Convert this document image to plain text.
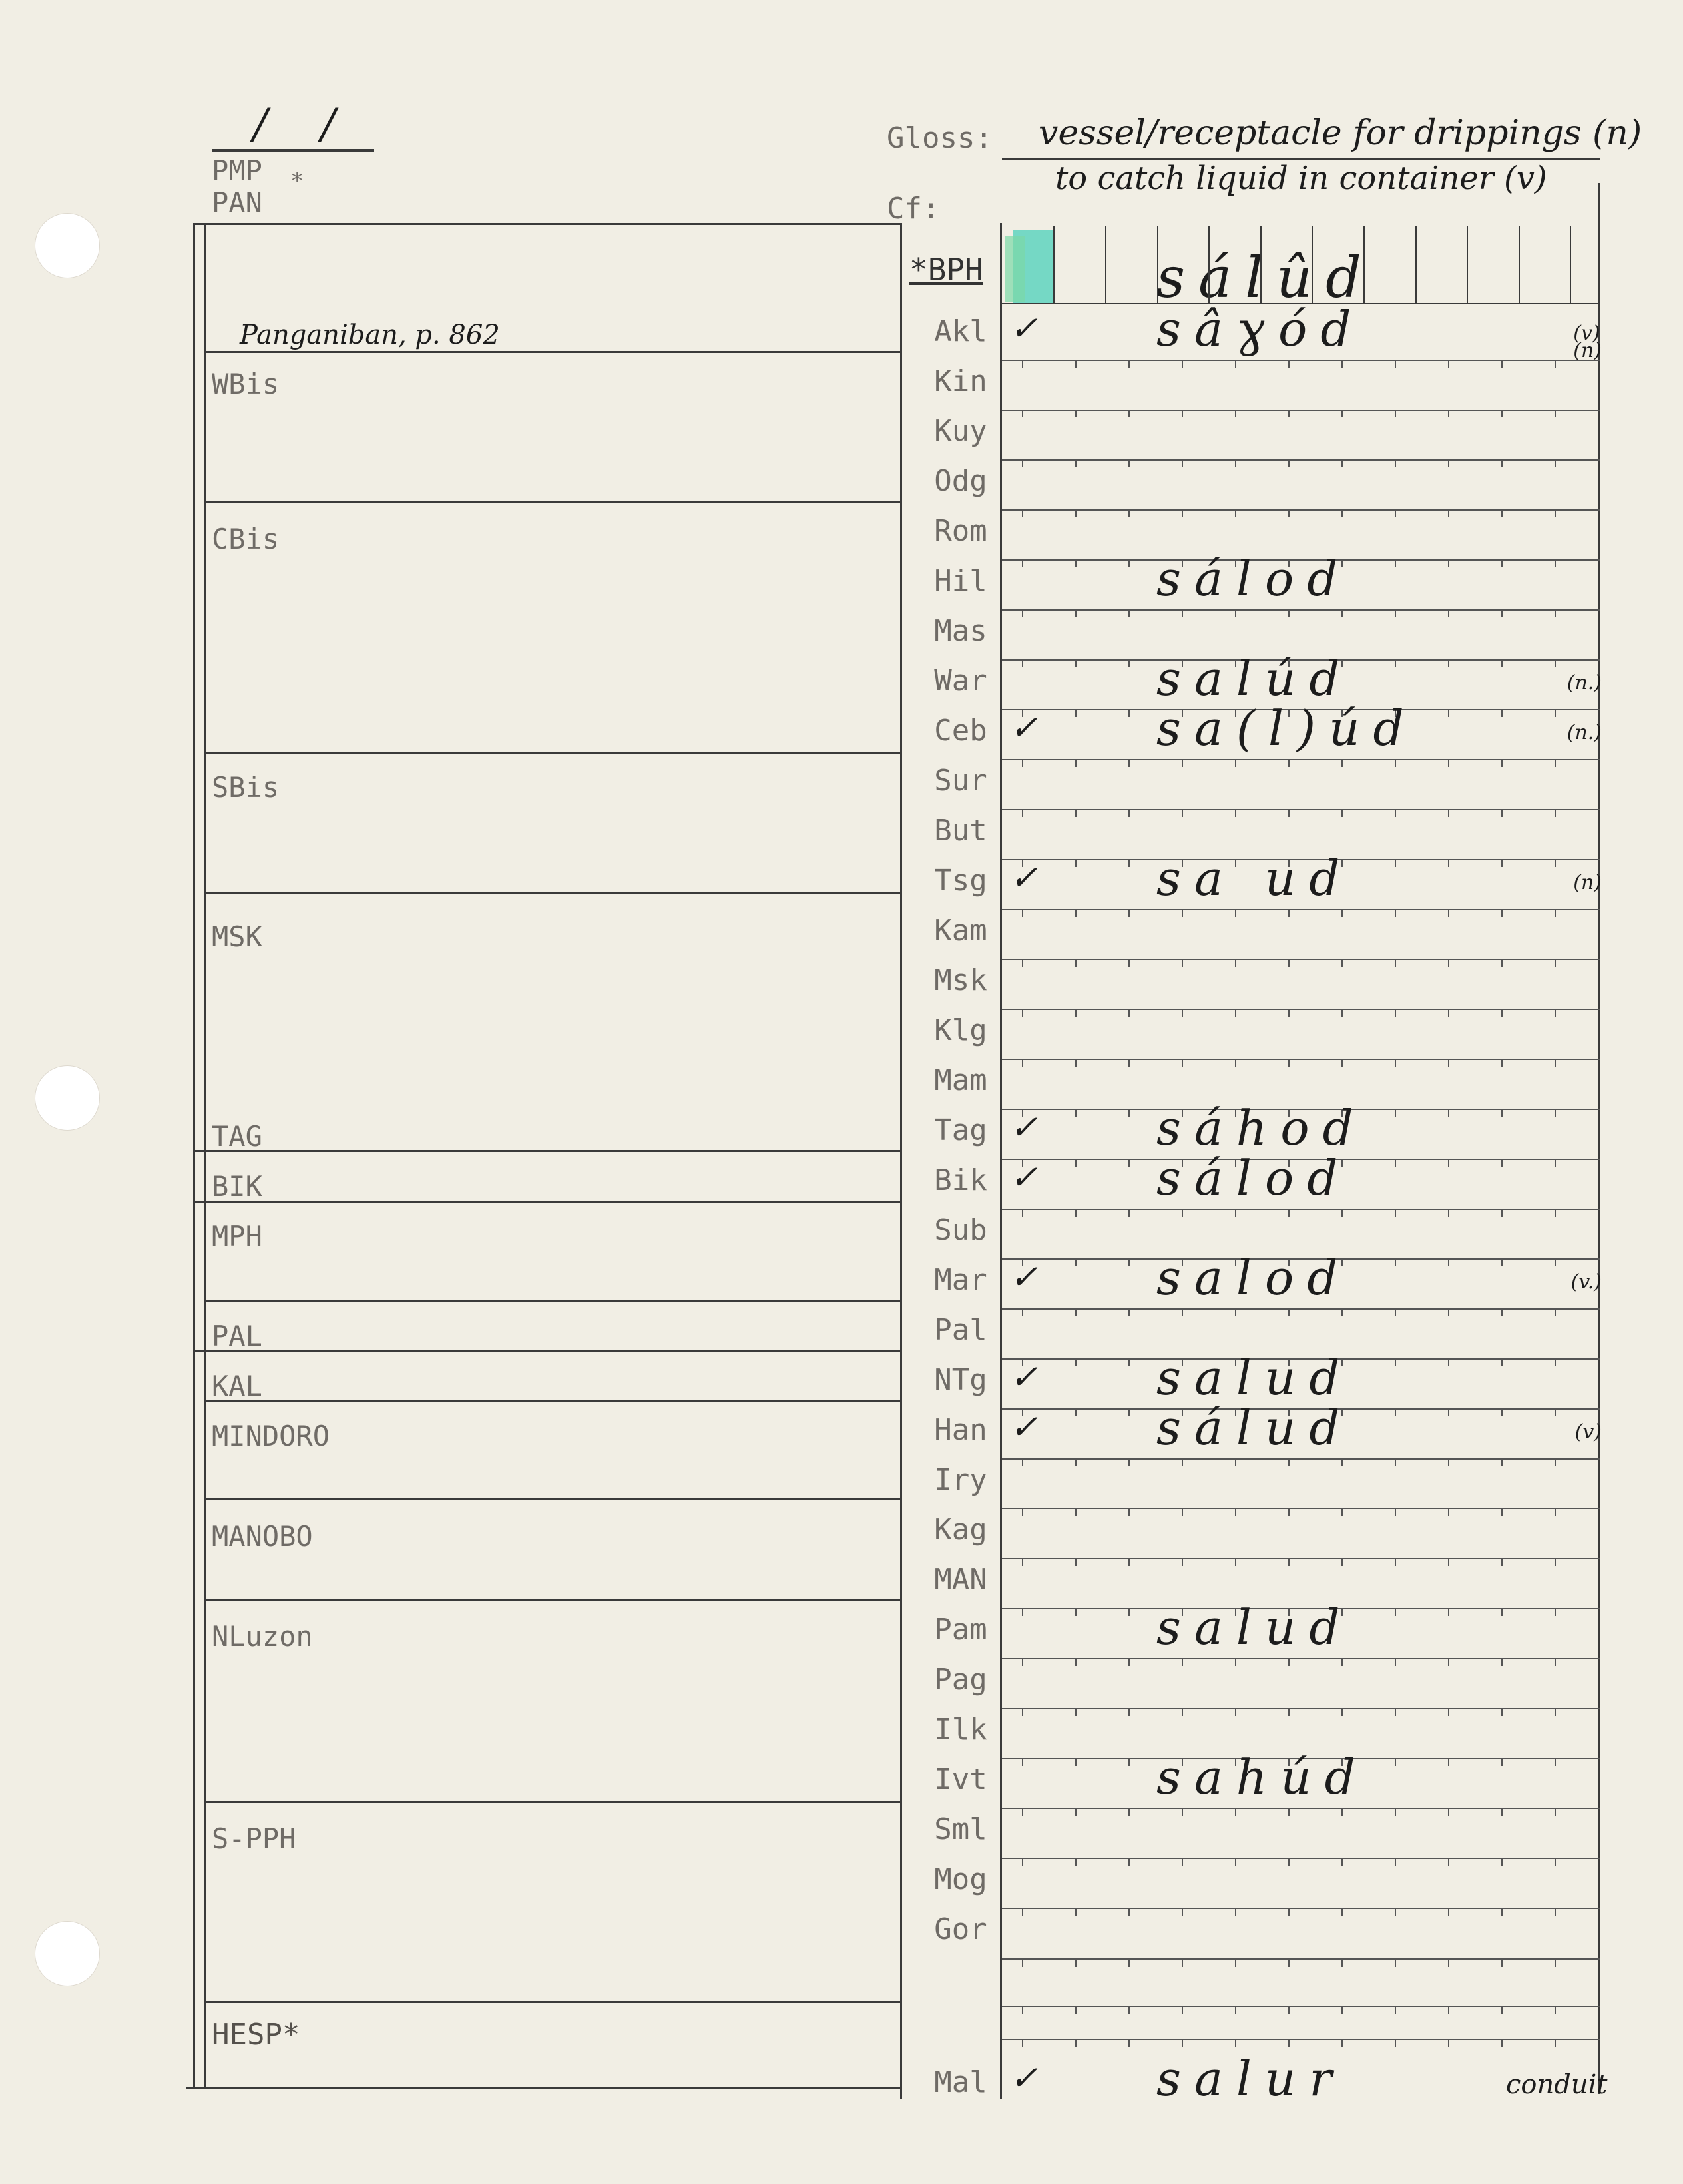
/ /
PMP *
PAN
Gloss: vessel/receptacle for drippings (n)
to catch liquid in container (v)
Cf:
Panganiban, p. 862
WBis
CBis
SBis
MSK
TAG
BIK
MPH
PAL
KAL
MINDORO
MANOBO
NLuzon
S-PPH
HESP*
*BPH	sálûd
Akl ✓ sâɣód	(v)
(n)
Kin
Kuy
Odg
Rom
Hil	sálod
Mas
War	salúd	(n.)
Ceb ✓ sa(l)úd	(n.)
Sur
But
Tsg ✓ sa ud	(n)
Kam
Msk
Klg
Mam
Tag ✓ sáhod
Bik ✓ sálod
Sub
Mar ✓ salod	(v.)
Pal
NTg ✓ salud
Han ✓ sálud	(v)
Iry
Kag
MAN
Pam	salud
Pag
Ilk
Ivt	sahúd
Sml
Mog
Gor
Mal ✓ salur	conduit
